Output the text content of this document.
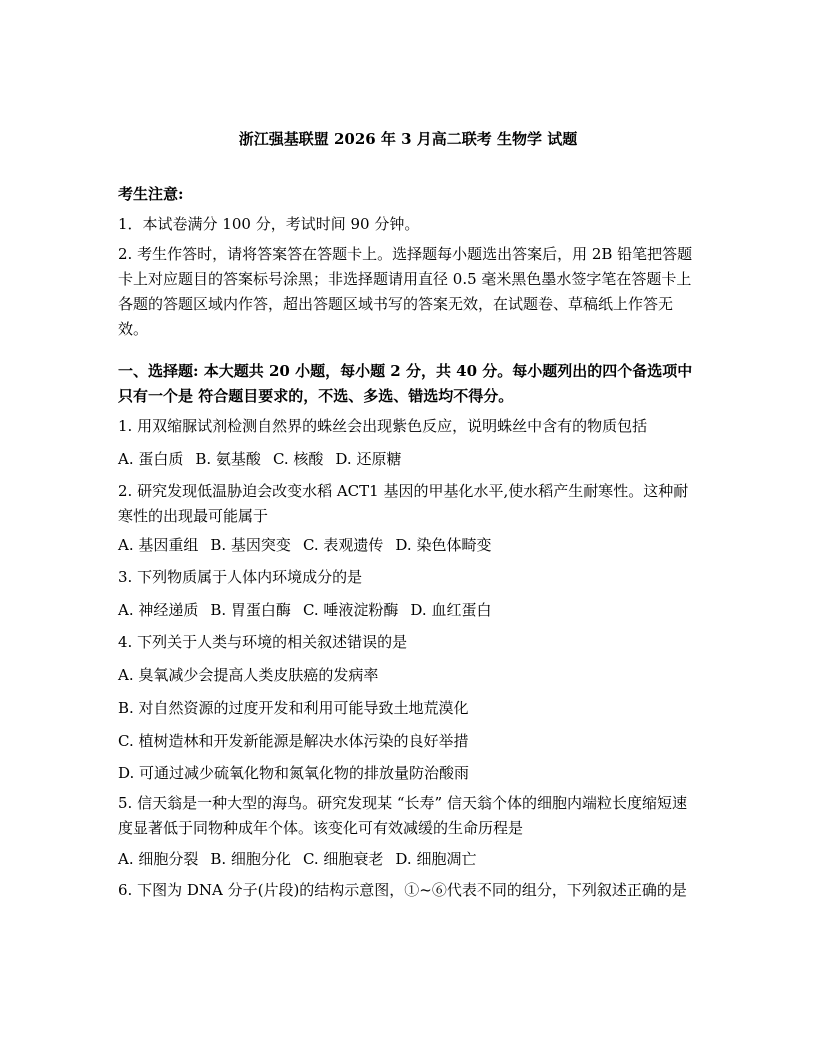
浙江强基联盟 2026 年 3 月高二联考 生物学 试题
考生注意:
1．本试卷满分 100 分，考试时间 90 分钟。
2. 考生作答时，请将答案答在答题卡上。选择题每小题选出答案后，用 2B 铅笔把答题卡上对应题目的答案标号涂黑；非选择题请用直径 0.5 毫米黑色墨水签字笔在答题卡上各题的答题区域内作答，超出答题区域书写的答案无效，在试题卷、草稿纸上作答无效。
一、选择题: 本大题共 20 小题，每小题 2 分，共 40 分。每小题列出的四个备选项中只有一个是 符合题目要求的，不选、多选、错选均不得分。
1. 用双缩脲试剂检测自然界的蛛丝会出现紫色反应，说明蛛丝中含有的物质包括
A. 蛋白质 B. 氨基酸 C. 核酸 D. 还原糖
2. 研究发现低温胁迫会改变水稻 ACT1 基因的甲基化水平,使水稻产生耐寒性。这种耐寒性的出现最可能属于
A. 基因重组 B. 基因突变 C. 表观遗传 D. 染色体畸变
3. 下列物质属于人体内环境成分的是
A. 神经递质 B. 胃蛋白酶 C. 唾液淀粉酶 D. 血红蛋白
4. 下列关于人类与环境的相关叙述错误的是
A. 臭氧减少会提高人类皮肤癌的发病率
B. 对自然资源的过度开发和利用可能导致土地荒漠化
C. 植树造林和开发新能源是解决水体污染的良好举措
D. 可通过减少硫氧化物和氮氧化物的排放量防治酸雨
5. 信天翁是一种大型的海鸟。研究发现某 “长寿” 信天翁个体的细胞内端粒长度缩短速度显著低于同物种成年个体。该变化可有效减缓的生命历程是
A. 细胞分裂 B. 细胞分化 C. 细胞衰老 D. 细胞凋亡
6. 下图为 DNA 分子(片段)的结构示意图，①~⑥代表不同的组分，下列叙述正确的是
